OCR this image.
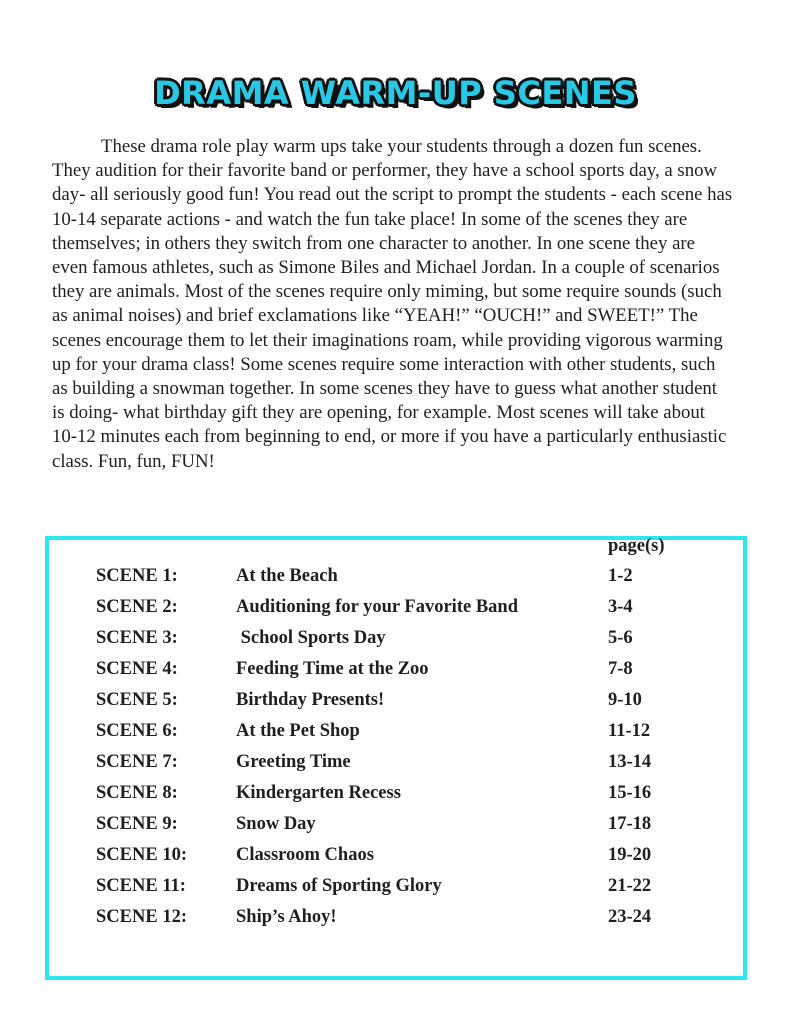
DRAMA WARM-UP SCENES

These drama role play warm ups take your students through a dozen fun scenes. They audition for their favorite band or performer, they have a school sports day, a snow day- all seriously good fun! You read out the script to prompt the students - each scene has 10-14 separate actions - and watch the fun take place! In some of the scenes they are themselves; in others they switch from one character to another. In one scene they are even famous athletes, such as Simone Biles and Michael Jordan. In a couple of scenarios they are animals. Most of the scenes require only miming, but some require sounds (such as animal noises) and brief exclamations like “YEAH!” “OUCH!” and SWEET!” The scenes encourage them to let their imaginations roam, while providing vigorous warming up for your drama class! Some scenes require some interaction with other students, such as building a snowman together. In some scenes they have to guess what another student is doing- what birthday gift they are opening, for example. Most scenes will take about 10-12 minutes each from beginning to end, or more if you have a particularly enthusiastic class. Fun, fun, FUN!

page(s)
SCENE 1:	At the Beach	1-2
SCENE 2:	Auditioning for your Favorite Band	3-4
SCENE 3:	School Sports Day	5-6
SCENE 4:	Feeding Time at the Zoo	7-8
SCENE 5:	Birthday Presents!	9-10
SCENE 6:	At the Pet Shop	11-12
SCENE 7:	Greeting Time	13-14
SCENE 8:	Kindergarten Recess	15-16
SCENE 9:	Snow Day	17-18
SCENE 10:	Classroom Chaos	19-20
SCENE 11:	Dreams of Sporting Glory	21-22
SCENE 12:	Ship’s Ahoy!	23-24
